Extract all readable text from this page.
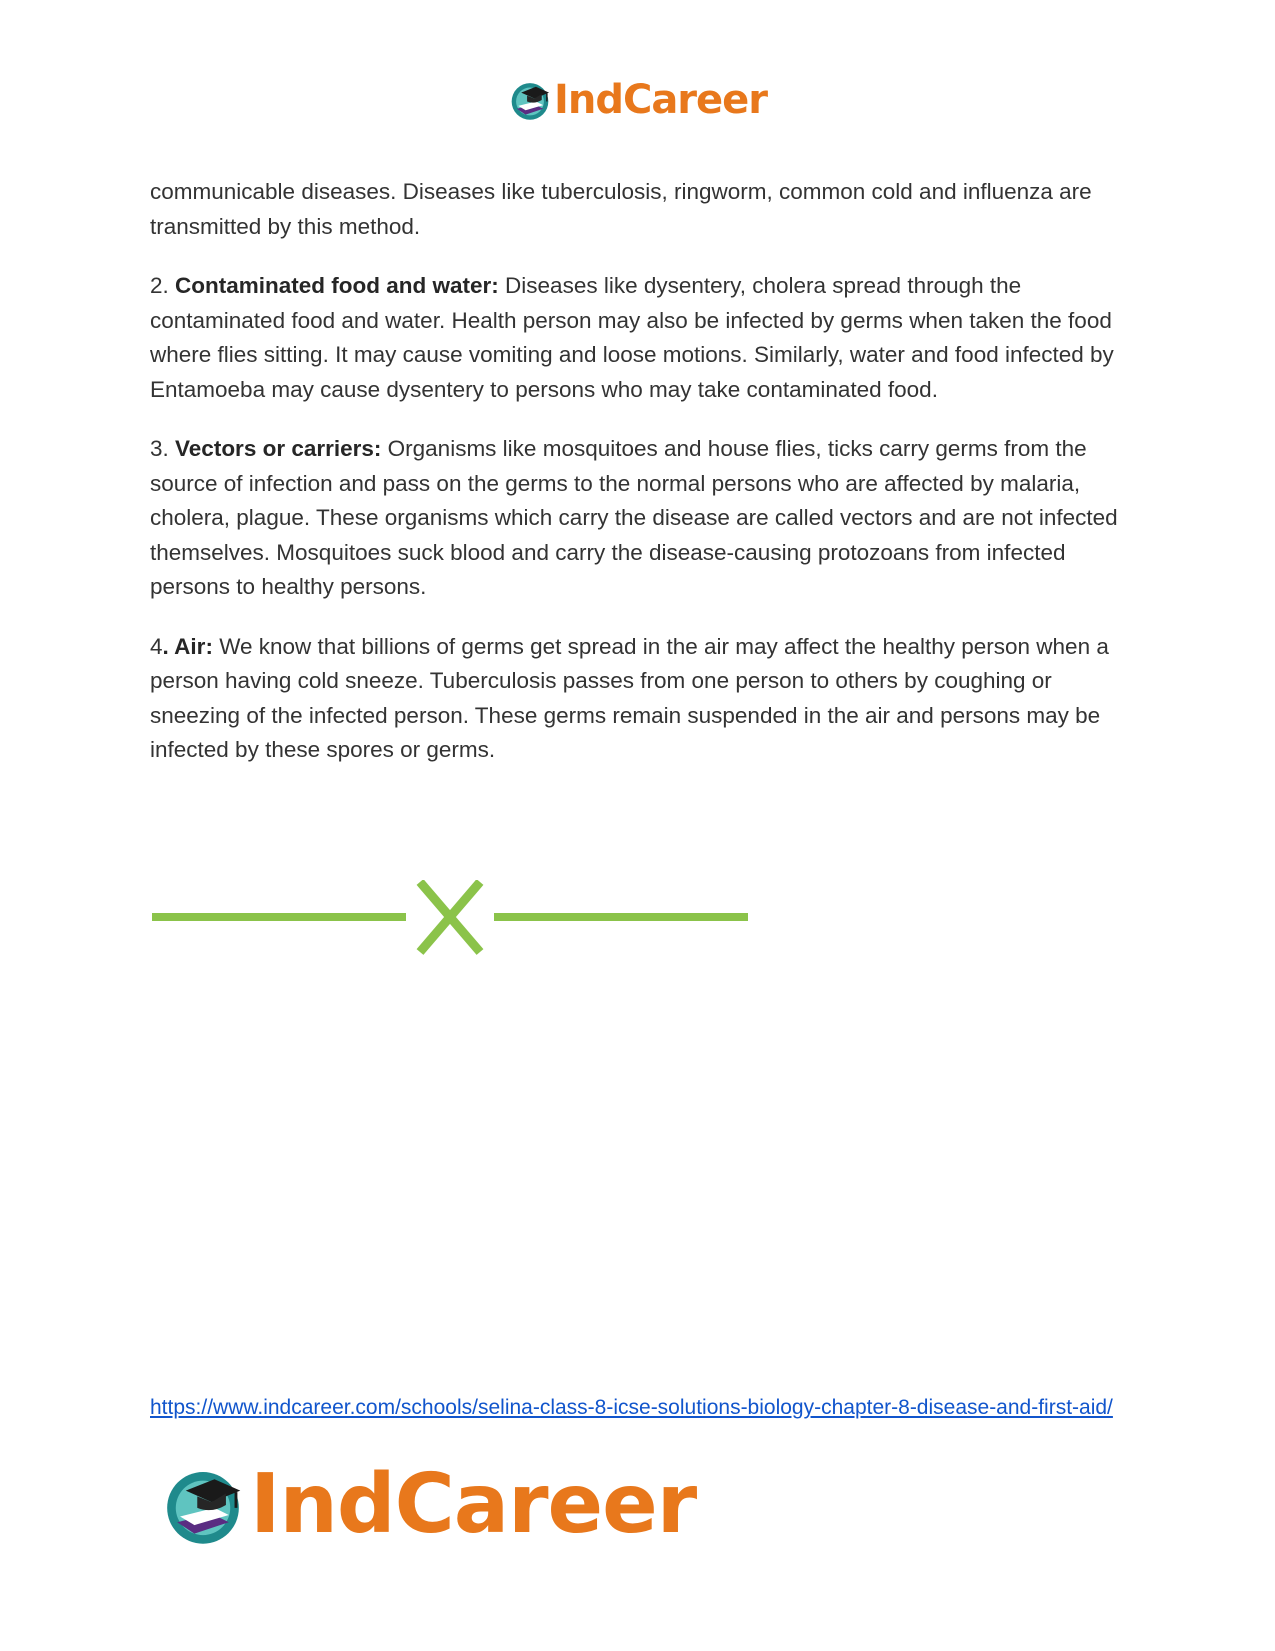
IndCareer

communicable diseases. Diseases like tuberculosis, ringworm, common cold and influenza are transmitted by this method.

2. Contaminated food and water: Diseases like dysentery, cholera spread through the contaminated food and water. Health person may also be infected by germs when taken the food where flies sitting. It may cause vomiting and loose motions. Similarly, water and food infected by Entamoeba may cause dysentery to persons who may take contaminated food.

3. Vectors or carriers: Organisms like mosquitoes and house flies, ticks carry germs from the source of infection and pass on the germs to the normal persons who are affected by malaria, cholera, plague. These organisms which carry the disease are called vectors and are not infected themselves. Mosquitoes suck blood and carry the disease-causing protozoans from infected persons to healthy persons.

4. Air: We know that billions of germs get spread in the air may affect the healthy person when a person having cold sneeze. Tuberculosis passes from one person to others by coughing or sneezing of the infected person. These germs remain suspended in the air and persons may be infected by these spores or germs.

https://www.indcareer.com/schools/selina-class-8-icse-solutions-biology-chapter-8-disease-and-first-aid/
IndCareer
